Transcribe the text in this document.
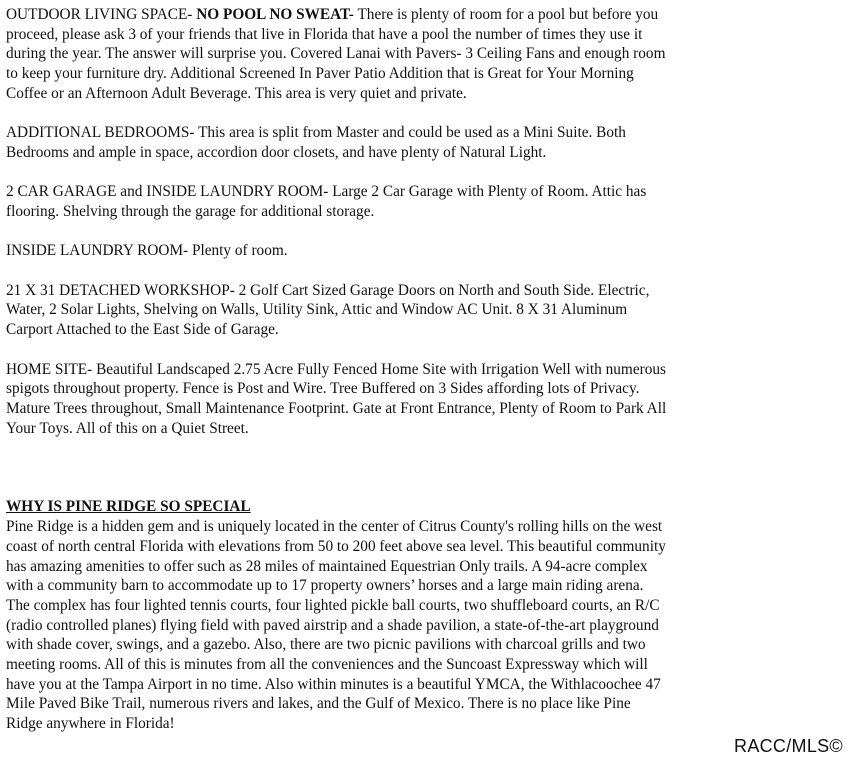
OUTDOOR LIVING SPACE- NO POOL NO SWEAT- There is plenty of room for a pool but before you proceed, please ask 3 of your friends that live in Florida that have a pool the number of times they use it during the year. The answer will surprise you. Covered Lanai with Pavers- 3 Ceiling Fans and enough room to keep your furniture dry. Additional Screened In Paver Patio Addition that is Great for Your Morning Coffee or an Afternoon Adult Beverage. This area is very quiet and private.

ADDITIONAL BEDROOMS- This area is split from Master and could be used as a Mini Suite. Both Bedrooms and ample in space, accordion door closets, and have plenty of Natural Light.

2 CAR GARAGE and INSIDE LAUNDRY ROOM- Large 2 Car Garage with Plenty of Room. Attic has flooring. Shelving through the garage for additional storage.

INSIDE LAUNDRY ROOM- Plenty of room.

21 X 31 DETACHED WORKSHOP- 2 Golf Cart Sized Garage Doors on North and South Side. Electric, Water, 2 Solar Lights, Shelving on Walls, Utility Sink, Attic and Window AC Unit. 8 X 31 Aluminum Carport Attached to the East Side of Garage.

HOME SITE- Beautiful Landscaped 2.75 Acre Fully Fenced Home Site with Irrigation Well with numerous spigots throughout property. Fence is Post and Wire. Tree Buffered on 3 Sides affording lots of Privacy. Mature Trees throughout, Small Maintenance Footprint. Gate at Front Entrance, Plenty of Room to Park All Your Toys. All of this on a Quiet Street.

WHY IS PINE RIDGE SO SPECIAL
Pine Ridge is a hidden gem and is uniquely located in the center of Citrus County's rolling hills on the west coast of north central Florida with elevations from 50 to 200 feet above sea level. This beautiful community has amazing amenities to offer such as 28 miles of maintained Equestrian Only trails. A 94-acre complex with a community barn to accommodate up to 17 property owners’ horses and a large main riding arena. The complex has four lighted tennis courts, four lighted pickle ball courts, two shuffleboard courts, an R/C (radio controlled planes) flying field with paved airstrip and a shade pavilion, a state-of-the-art playground with shade cover, swings, and a gazebo. Also, there are two picnic pavilions with charcoal grills and two meeting rooms. All of this is minutes from all the conveniences and the Suncoast Expressway which will have you at the Tampa Airport in no time. Also within minutes is a beautiful YMCA, the Withlacoochee 47 Mile Paved Bike Trail, numerous rivers and lakes, and the Gulf of Mexico. There is no place like Pine Ridge anywhere in Florida!

RACC/MLS©
